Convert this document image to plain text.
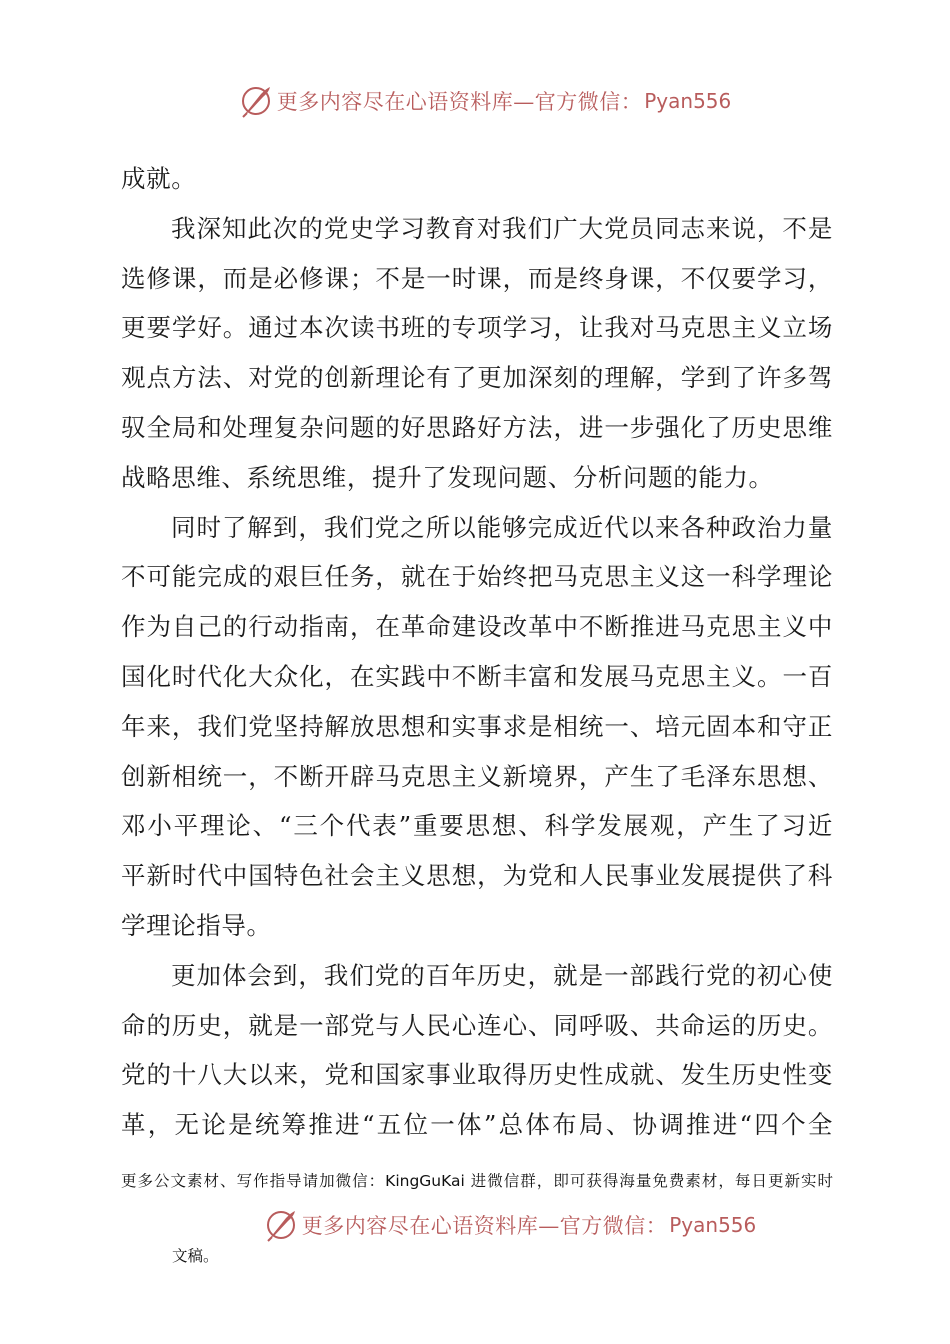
更多内容尽在心语资料库—官方微信： Pyan556
成就。
我深知此次的党史学习教育对我们广大党员同志来说，不是
选修课，而是必修课；不是一时课，而是终身课，不仅要学习，
更要学好。通过本次读书班的专项学习，让我对马克思主义立场
观点方法、对党的创新理论有了更加深刻的理解，学到了许多驾
驭全局和处理复杂问题的好思路好方法，进一步强化了历史思维
战略思维、系统思维，提升了发现问题、分析问题的能力。
同时了解到，我们党之所以能够完成近代以来各种政治力量
不可能完成的艰巨任务，就在于始终把马克思主义这一科学理论
作为自己的行动指南，在革命建设改革中不断推进马克思主义中
国化时代化大众化，在实践中不断丰富和发展马克思主义。一百
年来，我们党坚持解放思想和实事求是相统一、培元固本和守正
创新相统一，不断开辟马克思主义新境界，产生了毛泽东思想、
邓小平理论、“三个代表”重要思想、科学发展观，产生了习近
平新时代中国特色社会主义思想，为党和人民事业发展提供了科
学理论指导。
更加体会到，我们党的百年历史，就是一部践行党的初心使
命的历史，就是一部党与人民心连心、同呼吸、共命运的历史。
党的十八大以来，党和国家事业取得历史性成就、发生历史性变
革，无论是统筹推进“五位一体”总体布局、协调推进“四个全
更多公文素材、写作指导请加微信：KingGuKai 进微信群，即可获得海量免费素材，每日更新实时
更多内容尽在心语资料库—官方微信： Pyan556
文稿。
